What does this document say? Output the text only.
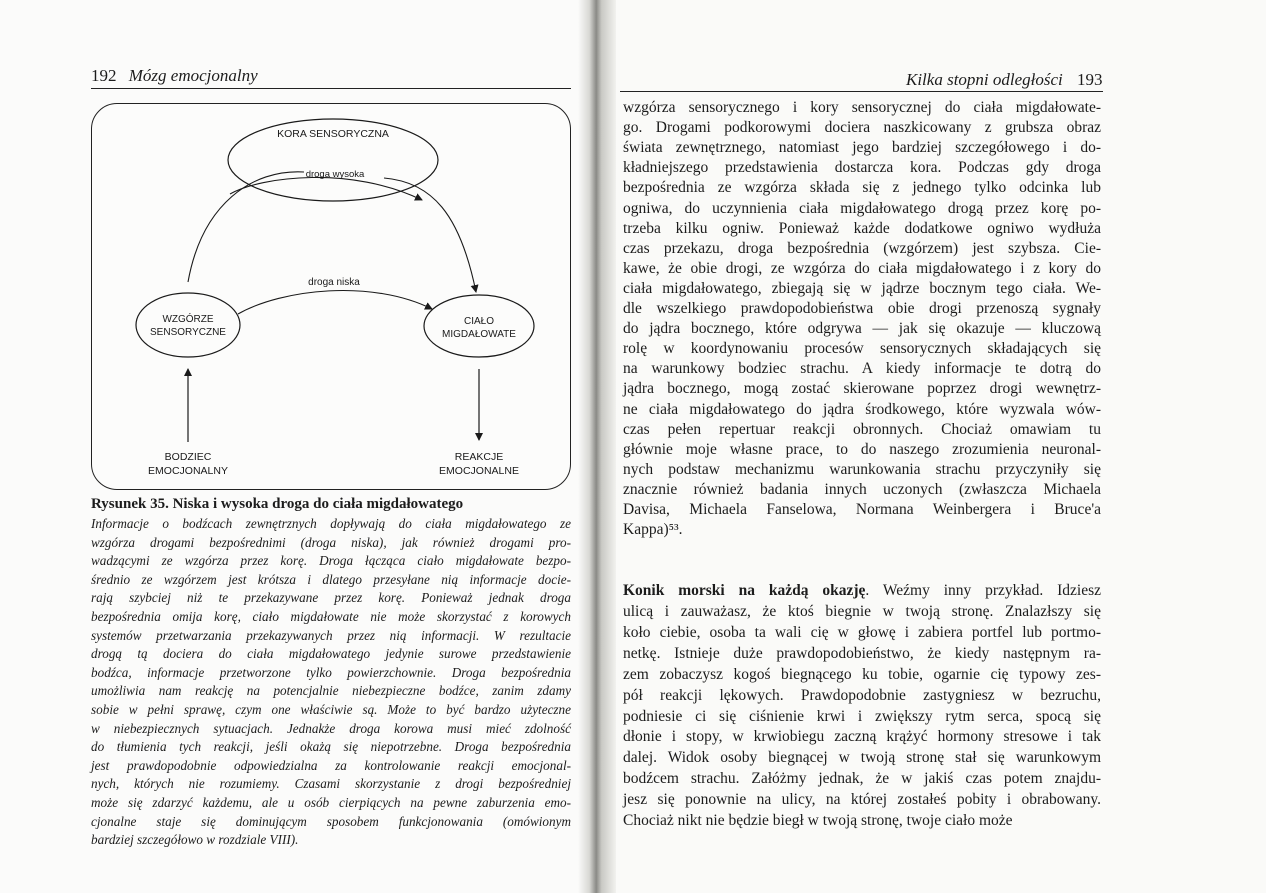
192 Mózg emocjonalny
KORA SENSORYCZNA
droga wysoka
WZGÓRZE
SENSORYCZNE
CIAŁO
MIGDAŁOWATE
droga niska
BODZIEC
EMOCJONALNY
REAKCJE
EMOCJONALNE
Rysunek 35. Niska i wysoka droga do ciała migdałowatego
Informacje o bodźcach zewnętrznych dopływają do ciała migdałowatego ze
wzgórza drogami bezpośrednimi (droga niska), jak również drogami pro-
wadzącymi ze wzgórza przez korę. Droga łącząca ciało migdałowate bezpo-
średnio ze wzgórzem jest krótsza i dlatego przesyłane nią informacje docie-
rają szybciej niż te przekazywane przez korę. Ponieważ jednak droga
bezpośrednia omija korę, ciało migdałowate nie może skorzystać z korowych
systemów przetwarzania przekazywanych przez nią informacji. W rezultacie
drogą tą dociera do ciała migdałowatego jedynie surowe przedstawienie
bodźca, informacje przetworzone tylko powierzchownie. Droga bezpośrednia
umożliwia nam reakcję na potencjalnie niebezpieczne bodźce, zanim zdamy
sobie w pełni sprawę, czym one właściwie są. Może to być bardzo użyteczne
w niebezpiecznych sytuacjach. Jednakże droga korowa musi mieć zdolność
do tłumienia tych reakcji, jeśli okażą się niepotrzebne. Droga bezpośrednia
jest prawdopodobnie odpowiedzialna za kontrolowanie reakcji emocjonal-
nych, których nie rozumiemy. Czasami skorzystanie z drogi bezpośredniej
może się zdarzyć każdemu, ale u osób cierpiących na pewne zaburzenia emo-
cjonalne staje się dominującym sposobem funkcjonowania (omówionym
bardziej szczegółowo w rozdziale VIII).
Kilka stopni odległości 193
wzgórza sensorycznego i kory sensorycznej do ciała migdałowate-
go. Drogami podkorowymi dociera naszkicowany z grubsza obraz
świata zewnętrznego, natomiast jego bardziej szczegółowego i do-
kładniejszego przedstawienia dostarcza kora. Podczas gdy droga
bezpośrednia ze wzgórza składa się z jednego tylko odcinka lub
ogniwa, do uczynnienia ciała migdałowatego drogą przez korę po-
trzeba kilku ogniw. Ponieważ każde dodatkowe ogniwo wydłuża
czas przekazu, droga bezpośrednia (wzgórzem) jest szybsza. Cie-
kawe, że obie drogi, ze wzgórza do ciała migdałowatego i z kory do
ciała migdałowatego, zbiegają się w jądrze bocznym tego ciała. We-
dle wszelkiego prawdopodobieństwa obie drogi przenoszą sygnały
do jądra bocznego, które odgrywa — jak się okazuje — kluczową
rolę w koordynowaniu procesów sensorycznych składających się
na warunkowy bodziec strachu. A kiedy informacje te dotrą do
jądra bocznego, mogą zostać skierowane poprzez drogi wewnętrz-
ne ciała migdałowatego do jądra środkowego, które wyzwala wów-
czas pełen repertuar reakcji obronnych. Chociaż omawiam tu
głównie moje własne prace, to do naszego zrozumienia neuronal-
nych podstaw mechanizmu warunkowania strachu przyczyniły się
znacznie również badania innych uczonych (zwłaszcza Michaela
Davisa, Michaela Fanselowa, Normana Weinbergera i Bruce'a
Kappa)⁵³.
Konik morski na każdą okazję. Weźmy inny przykład. Idziesz
ulicą i zauważasz, że ktoś biegnie w twoją stronę. Znalazłszy się
koło ciebie, osoba ta wali cię w głowę i zabiera portfel lub portmo-
netkę. Istnieje duże prawdopodobieństwo, że kiedy następnym ra-
zem zobaczysz kogoś biegnącego ku tobie, ogarnie cię typowy zes-
pół reakcji lękowych. Prawdopodobnie zastygniesz w bezruchu,
podniesie ci się ciśnienie krwi i zwiększy rytm serca, spocą się
dłonie i stopy, w krwiobiegu zaczną krążyć hormony stresowe i tak
dalej. Widok osoby biegnącej w twoją stronę stał się warunkowym
bodźcem strachu. Załóżmy jednak, że w jakiś czas potem znajdu-
jesz się ponownie na ulicy, na której zostałeś pobity i obrabowany.
Chociaż nikt nie będzie biegł w twoją stronę, twoje ciało może
